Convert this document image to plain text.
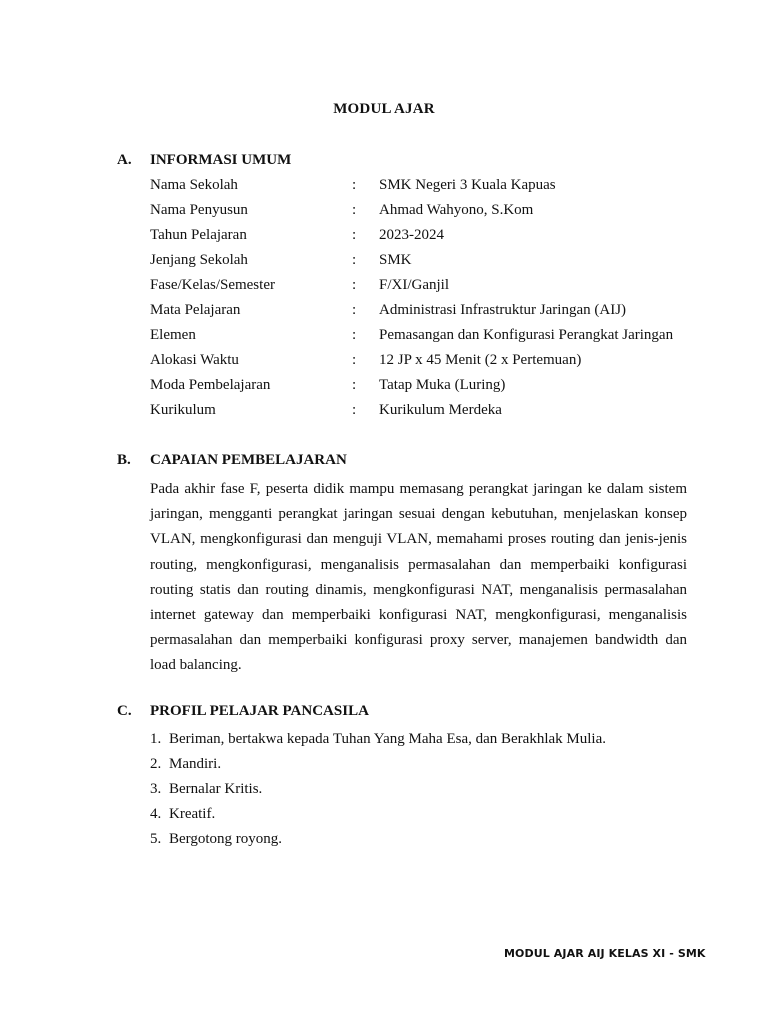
MODUL AJAR
A. INFORMASI UMUM
Nama Sekolah	: SMK Negeri 3 Kuala Kapuas
Nama Penyusun	: Ahmad Wahyono, S.Kom
Tahun Pelajaran	: 2023-2024
Jenjang Sekolah	: SMK
Fase/Kelas/Semester	: F/XI/Ganjil
Mata Pelajaran	: Administrasi Infrastruktur Jaringan (AIJ)
Elemen	: Pemasangan dan Konfigurasi Perangkat Jaringan
Alokasi Waktu	: 12 JP x 45 Menit (2 x Pertemuan)
Moda Pembelajaran	: Tatap Muka (Luring)
Kurikulum	: Kurikulum Merdeka
B. CAPAIAN PEMBELAJARAN
Pada akhir fase F, peserta didik mampu memasang perangkat jaringan ke dalam sistem jaringan, mengganti perangkat jaringan sesuai dengan kebutuhan, menjelaskan konsep VLAN, mengkonfigurasi dan menguji VLAN, memahami proses routing dan jenis-jenis routing, mengkonfigurasi, menganalisis permasalahan dan memperbaiki konfigurasi routing statis dan routing dinamis, mengkonfigurasi NAT, menganalisis permasalahan internet gateway dan memperbaiki konfigurasi NAT, mengkonfigurasi, menganalisis permasalahan dan memperbaiki konfigurasi proxy server, manajemen bandwidth dan load balancing.
C. PROFIL PELAJAR PANCASILA
1. Beriman, bertakwa kepada Tuhan Yang Maha Esa, dan Berakhlak Mulia.
2. Mandiri.
3. Bernalar Kritis.
4. Kreatif.
5. Bergotong royong.
MODUL AJAR AIJ KELAS XI - SMK
